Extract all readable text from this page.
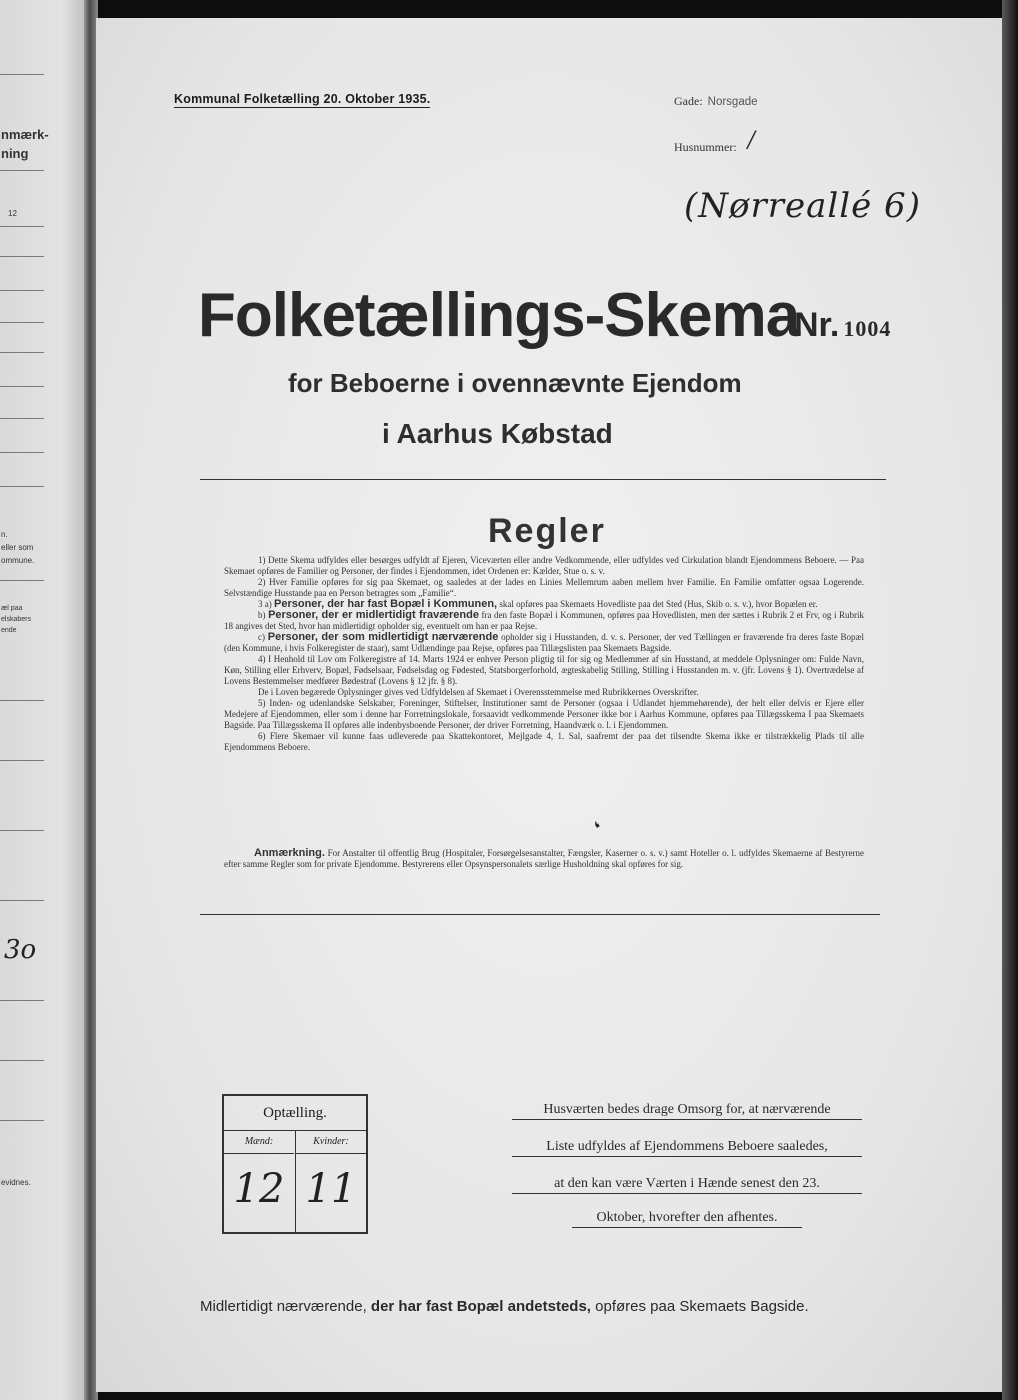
nmærk-
ning
12
n.
eller som
ommune.
æl paa
elskabers
ende
3o
evidnes.
Kommunal Folketælling 20. Oktober 1935.	Gade: Norsgade
Husnummer: /
(Nørreallé 6)
Folketællings-Skema
Nr. 1004
for Beboerne i ovennævnte Ejendom
i Aarhus Købstad
Regler

1) Dette Skema udfyldes eller besørges udfyldt af Ejeren, Viceværten eller andre Vedkommende, eller udfyldes ved Cirkulation blandt Ejendommens Beboere. — Paa Skemaet opføres de Familier og Personer, der findes i Ejendommen, idet Ordenen er: Kælder, Stue o. s. v.

2) Hver Familie opføres for sig paa Skemaet, og saaledes at der lades en Linies Mellemrum aaben mellem hver Familie. En Familie omfatter ogsaa Logerende. Selvstændige Husstande paa en Person betragtes som „Familie“.

3 a) Personer, der har fast Bopæl i Kommunen, skal opføres paa Skemaets Hovedliste paa det Sted (Hus, Skib o. s. v.), hvor Bopælen er.

b) Personer, der er midlertidigt fraværende fra den faste Bopæl i Kommunen, opføres paa Hovedlisten, men der sættes i Rubrik 2 et Frv, og i Rubrik 18 angives det Sted, hvor han midlertidigt opholder sig, eventuelt om han er paa Rejse.

c) Personer, der som midlertidigt nærværende opholder sig i Husstanden, d. v. s. Personer, der ved Tællingen er fraværende fra deres faste Bopæl (den Kommune, i hvis Folkeregister de staar), samt Udlændinge paa Rejse, opføres paa Tillægslisten paa Skemaets Bagside.

4) I Henhold til Lov om Folkeregistre af 14. Marts 1924 er enhver Person pligtig til for sig og Medlemmer af sin Husstand, at meddele Oplysninger om: Fulde Navn, Køn, Stilling eller Erhverv, Bopæl, Fødselsaar, Fødselsdag og Fødested, Statsborgerforhold, ægteskabelig Stilling, Stilling i Husstanden m. v. (jfr. Lovens § 1). Overtrædelse af Lovens Bestemmelser medfører Bødestraf (Lovens § 12 jfr. § 8).

De i Loven begærede Oplysninger gives ved Udfyldelsen af Skemaet i Overensstemmelse med Rubrikkernes Overskrifter.

5) Inden- og udenlandske Selskaber, Foreninger, Stiftelser, Institutioner samt de Personer (ogsaa i Udlandet hjemmehørende), der helt eller delvis er Ejere eller Medejere af Ejendommen, eller som i denne har Forretningslokale, forsaavidt vedkommende Personer ikke bor i Aarhus Kommune, opføres paa Tillægsskema I paa Skemaets Bagside. Paa Tillægsskema II opføres alle indenbysboende Personer, der driver Forretning, Haandværk o. l. i Ejendommen.

6) Flere Skemaer vil kunne faas udleverede paa Skattekontoret, Mejlgade 4, 1. Sal, saafremt der paa det tilsendte Skema ikke er tilstrækkelig Plads til alle Ejendommens Beboere.

❛
Anmærkning. For Anstalter til offentlig Brug (Hospitaler, Forsørgelsesanstalter, Fængsler, Kaserner o. s. v.) samt Hoteller o. l. udfyldes Skemaerne af Bestyrerne efter samme Regler som for private Ejendomme. Bestyrerens eller Opsynspersonalets særlige Husholdning skal opføres for sig.
Optælling.
Mænd:
12
Kvinder:
11
Husværten bedes drage Omsorg for, at nærværende
Liste udfyldes af Ejendommens Beboere saaledes,
at den kan være Værten i Hænde senest den 23.
Oktober, hvorefter den afhentes.
Midlertidigt nærværende, der har fast Bopæl andetsteds, opføres paa Skemaets Bagside.
